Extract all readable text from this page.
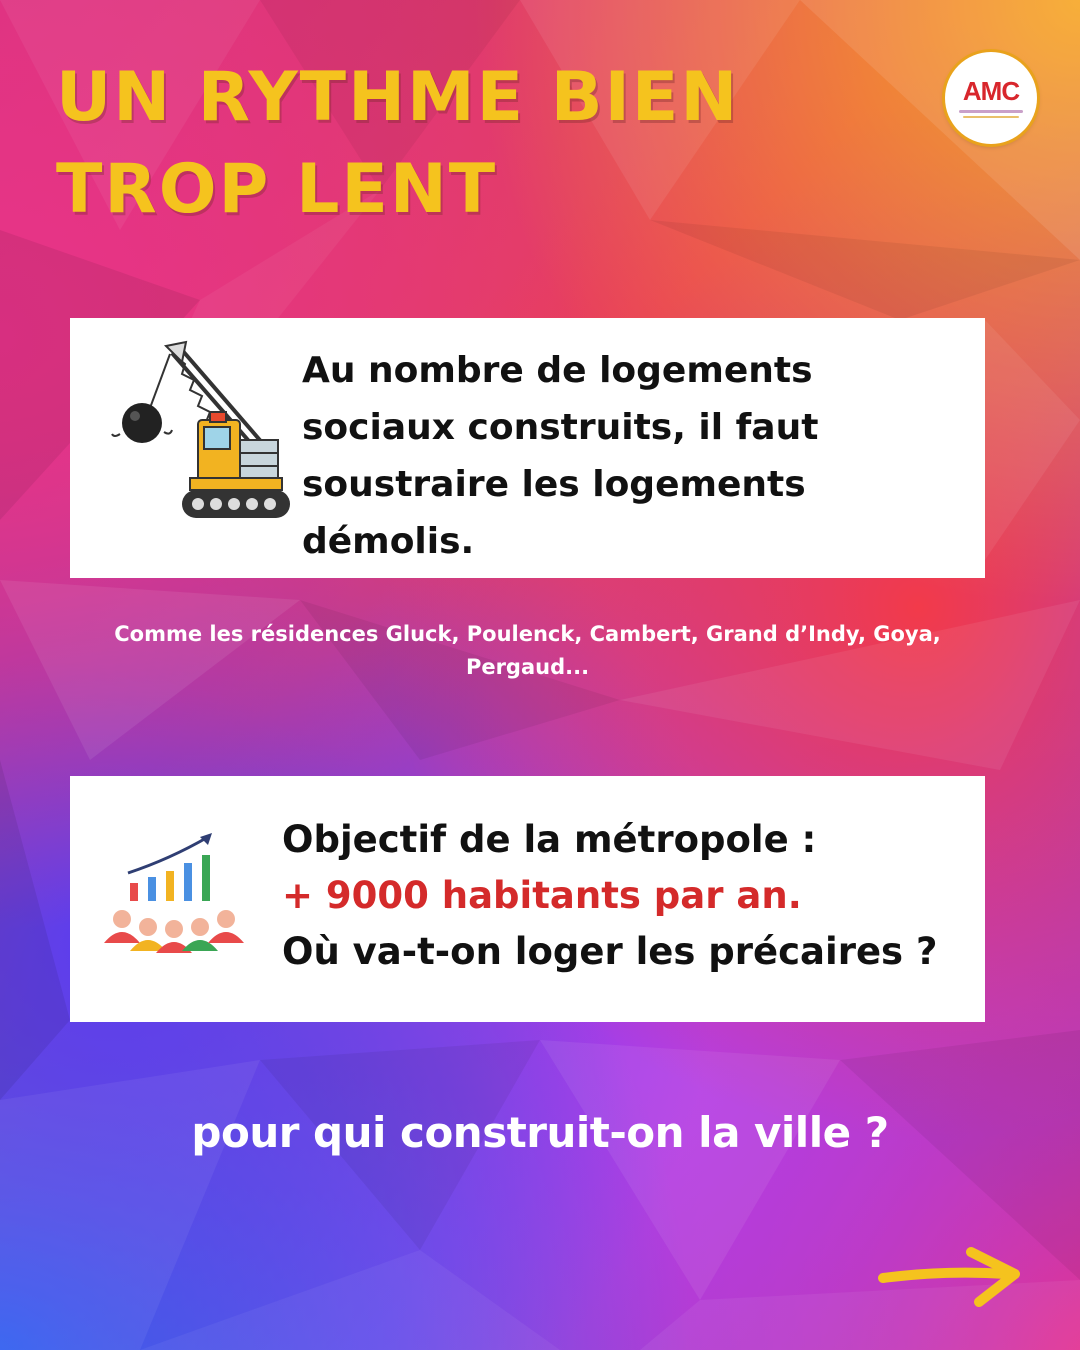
UN RYTHME BIEN
TROP LENT
AMC

Au nombre de logements
sociaux construits, il faut
soustraire les logements
démolis.

Comme les résidences Gluck, Poulenck, Cambert, Grand d’Indy, Goya,
Pergaud...

Objectif de la métropole :
+ 9000 habitants par an.
Où va-t-on loger les précaires ?

pour qui construit-on la ville ?
